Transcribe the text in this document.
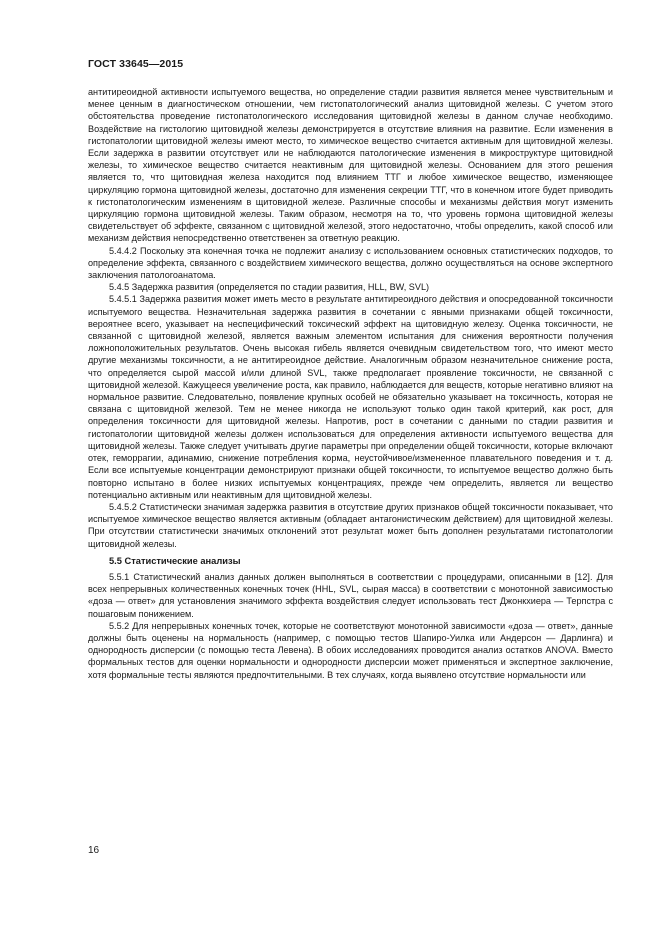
ГОСТ 33645—2015

антитиреоидной активности испытуемого вещества, но определение стадии развития является менее чувствительным и менее ценным в диагностическом отношении, чем гистопатологический анализ щитовидной железы. С учетом этого обстоятельства проведение гистопатологического исследования щитовидной железы в данном случае необходимо. Воздействие на гистологию щитовидной железы демонстрируется в отсутствие влияния на развитие. Если изменения в гистопатологии щитовидной железы имеют место, то химическое вещество считается активным для щитовидной железы. Если задержка в развитии отсутствует или не наблюдаются патологические изменения в микроструктуре щитовидной железы, то химическое вещество считается неактивным для щитовидной железы. Основанием для этого решения является то, что щитовидная железа находится под влиянием ТТГ и любое химическое вещество, изменяющее циркуляцию гормона щитовидной железы, достаточно для изменения секреции ТТГ, что в конечном итоге будет приводить к гистопатологическим изменениям в щитовидной железе. Различные способы и механизмы действия могут изменить циркуляцию гормона щитовидной железы. Таким образом, несмотря на то, что уровень гормона щитовидной железы свидетельствует об эффекте, связанном с щитовидной железой, этого недостаточно, чтобы определить, какой способ или механизм действия непосредственно ответственен за ответную реакцию.

5.4.4.2 Поскольку эта конечная точка не подлежит анализу с использованием основных статистических подходов, то определение эффекта, связанного с воздействием химического вещества, должно осуществляться на основе экспертного заключения патологоанатома.

5.4.5 Задержка развития (определяется по стадии развития, HLL, BW, SVL)

5.4.5.1 Задержка развития может иметь место в результате антитиреоидного действия и опосредованной токсичности испытуемого вещества. Незначительная задержка развития в сочетании с явными признаками общей токсичности, вероятнее всего, указывает на неспецифический токсический эффект на щитовидную железу. Оценка токсичности, не связанной с щитовидной железой, является важным элементом испытания для снижения вероятности получения ложноположительных результатов. Очень высокая гибель является очевидным свидетельством того, что имеют место другие механизмы токсичности, а не антитиреоидное действие. Аналогичным образом незначительное снижение роста, что определяется сырой массой и/или длиной SVL, также предполагает проявление токсичности, не связанной с щитовидной железой. Кажущееся увеличение роста, как правило, наблюдается для веществ, которые негативно влияют на нормальное развитие. Следовательно, появление крупных особей не обязательно указывает на токсичность, которая не связана с щитовидной железой. Тем не менее никогда не используют только один такой критерий, как рост, для определения токсичности для щитовидной железы. Напротив, рост в сочетании с данными по стадии развития и гистопатологии щитовидной железы должен использоваться для определения активности испытуемого вещества для щитовидной железы. Также следует учитывать другие параметры при определении общей токсичности, которые включают отек, геморрагии, адинамию, снижение потребления корма, неустойчивое/измененное плавательного поведения и т. д. Если все испытуемые концентрации демонстрируют признаки общей токсичности, то испытуемое вещество должно быть повторно испытано в более низких испытуемых концентрациях, прежде чем определить, является ли вещество потенциально активным или неактивным для щитовидной железы.

5.4.5.2 Статистически значимая задержка развития в отсутствие других признаков общей токсичности показывает, что испытуемое химическое вещество является активным (обладает антагонистическим действием) для щитовидной железы. При отсутствии статистически значимых отклонений этот результат может быть дополнен результатами гистопатологии щитовидной железы.

5.5 Статистические анализы

5.5.1 Статистический анализ данных должен выполняться в соответствии с процедурами, описанными в [12]. Для всех непрерывных количественных конечных точек (HHL, SVL, сырая масса) в соответствии с монотонной зависимостью «доза — ответ» для установления значимого эффекта воздействия следует использовать тест Джонкхиера — Терпстра с пошаговым понижением.

5.5.2 Для непрерывных конечных точек, которые не соответствуют монотонной зависимости «доза — ответ», данные должны быть оценены на нормальность (например, с помощью тестов Шапиро-Уилка или Андерсон — Дарлинга) и однородность дисперсии (с помощью теста Левена). В обоих исследованиях проводится анализ остатков ANOVA. Вместо формальных тестов для оценки нормальности и однородности дисперсии может применяться и экспертное заключение, хотя формальные тесты являются предпочтительными. В тех случаях, когда выявлено отсутствие нормальности или

16
